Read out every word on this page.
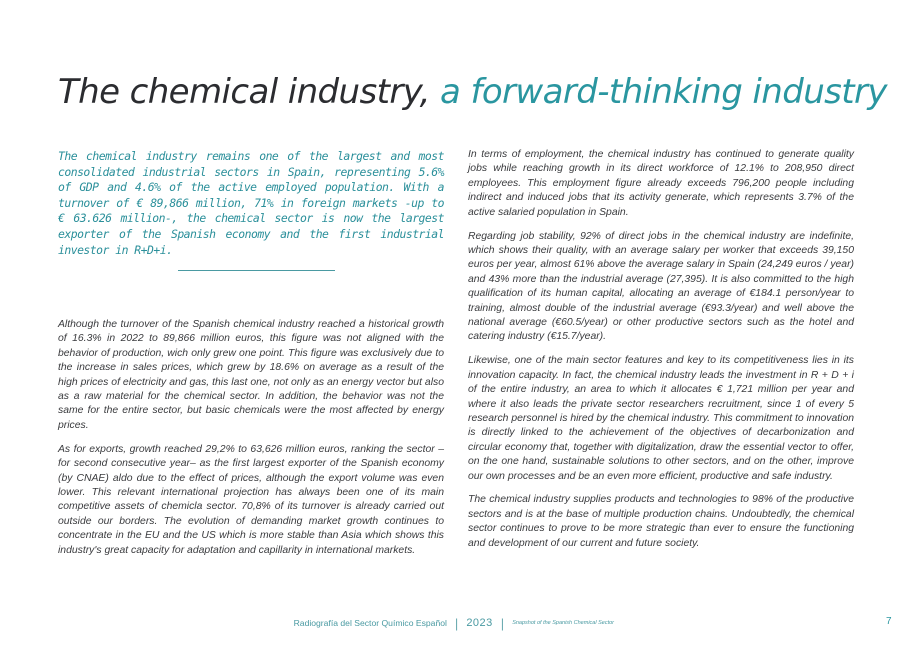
The chemical industry, a forward-thinking industry

The chemical industry remains one of the largest and most consolidated industrial sectors in Spain, representing 5.6% of GDP and 4.6% of the active employed population. With a turnover of € 89,866 million, 71% in foreign markets -up to € 63.626 million-, the chemical sector is now the largest exporter of the Spanish economy and the first industrial investor in R+D+i.

Although the turnover of the Spanish chemical industry reached a historical growth of 16.3% in 2022 to 89,866 million euros, this figure was not aligned with the behavior of production, wich only grew one point. This figure was exclusively due to the increase in sales prices, which grew by 18.6% on average as a result of the high prices of electricity and gas, this last one, not only as an energy vector but also as a raw material for the chemical sector. In addition, the behavior was not the same for the entire sector, but basic chemicals were the most affected by energy prices.

As for exports, growth reached 29,2% to 63,626 million euros, ranking the sector –for second consecutive year– as the first largest exporter of the Spanish economy (by CNAE) aldo due to the effect of prices, although the export volume was even lower. This relevant international projection has always been one of its main competitive assets of chemicla sector. 70,8% of its turnover is already carried out outside our borders. The evolution of demanding market growth continues to concentrate in the EU and the US which is more stable than Asia which shows this industry's great capacity for adaptation and capillarity in international markets.

In terms of employment, the chemical industry has continued to generate quality jobs while reaching growth in its direct workforce of 12.1% to 208,950 direct employees. This employment figure already exceeds 796,200 people including indirect and induced jobs that its activity generate, which represents 3.7% of the active salaried population in Spain.

Regarding job stability, 92% of direct jobs in the chemical industry are indefinite, which shows their quality, with an average salary per worker that exceeds 39,150 euros per year, almost 61% above the average salary in Spain (24,249 euros / year) and 43% more than the industrial average (27,395). It is also committed to the high qualification of its human capital, allocating an average of €184.1 person/year to training, almost double of the industrial average (€93.3/year) and well above the national average (€60.5/year) or other productive sectors such as the hotel and catering industry (€15.7/year).

Likewise, one of the main sector features and key to its competitiveness lies in its innovation capacity. In fact, the chemical industry leads the investment in R + D + i of the entire industry, an area to which it allocates € 1,721 million per year and where it also leads the private sector researchers recruitment, since 1 of every 5 research personnel is hired by the chemical industry. This commitment to innovation is directly linked to the achievement of the objectives of decarbonization and circular economy that, together with digitalization, draw the essential vector to offer, on the one hand, sustainable solutions to other sectors, and on the other, improve our own processes and be an even more efficient, productive and safe industry.

The chemical industry supplies products and technologies to 98% of the productive sectors and is at the base of multiple production chains. Undoubtedly, the chemical sector continues to prove to be more strategic than ever to ensure the functioning and development of our current and future society.

Radiografía del Sector Químico Español | 2023 | Snapshot of the Spanish Chemical Sector	7
